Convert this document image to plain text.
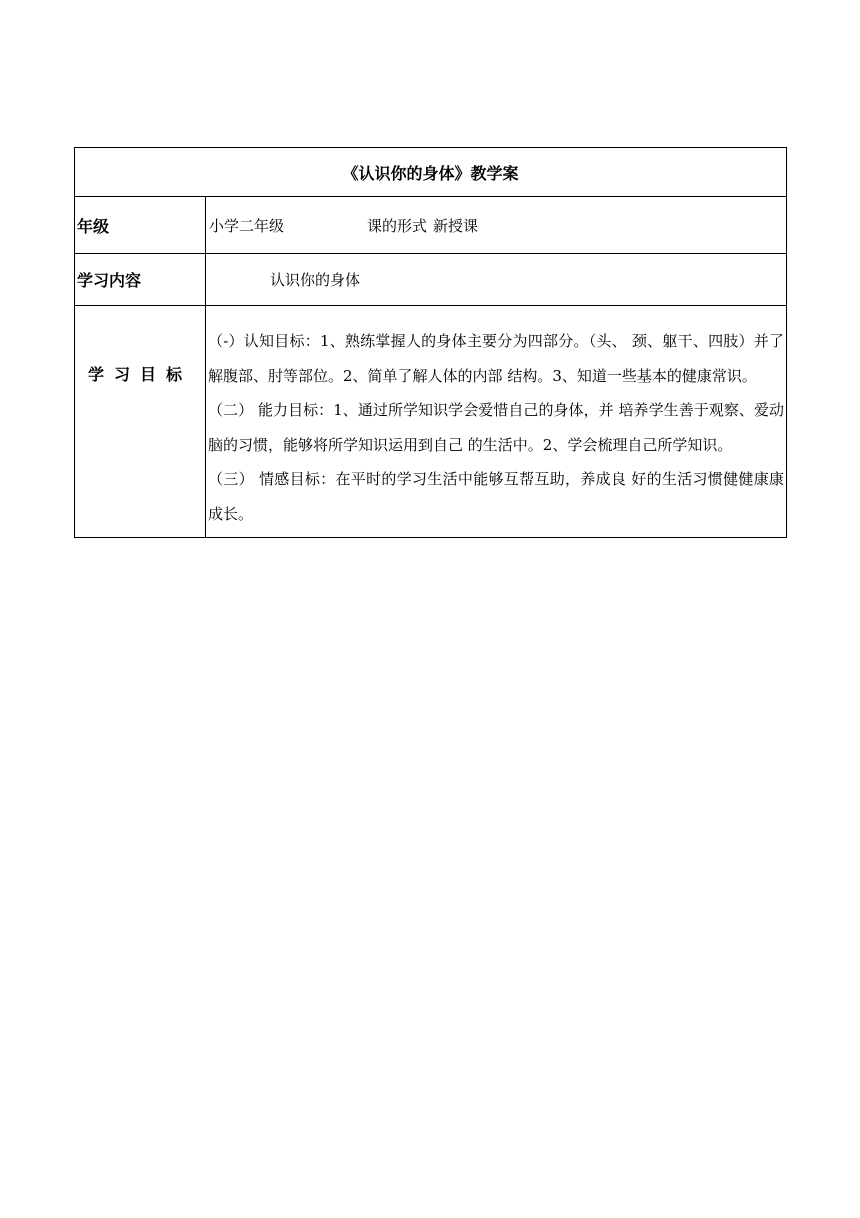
《认识你的身体》教学案	
年级	小学二年级 课的形式 新授课
学习内容	认识你的身体
学习目标	（-）认知目标：1、熟练掌握人的身体主要分为四部分。（头、 颈、躯干、四肢）并了解腹部、肘等部位。2、简单了解人体的内部 结构。3、知道一些基本的健康常识。

（二） 能力目标：1、通过所学知识学会爱惜自己的身体，并 培养学生善于观察、爱动脑的习惯，能够将所学知识运用到自己 的生活中。2、学会梳理自己所学知识。

（三） 情感目标：在平时的学习生活中能够互帮互助，养成良 好的生活习惯健健康康成长。
